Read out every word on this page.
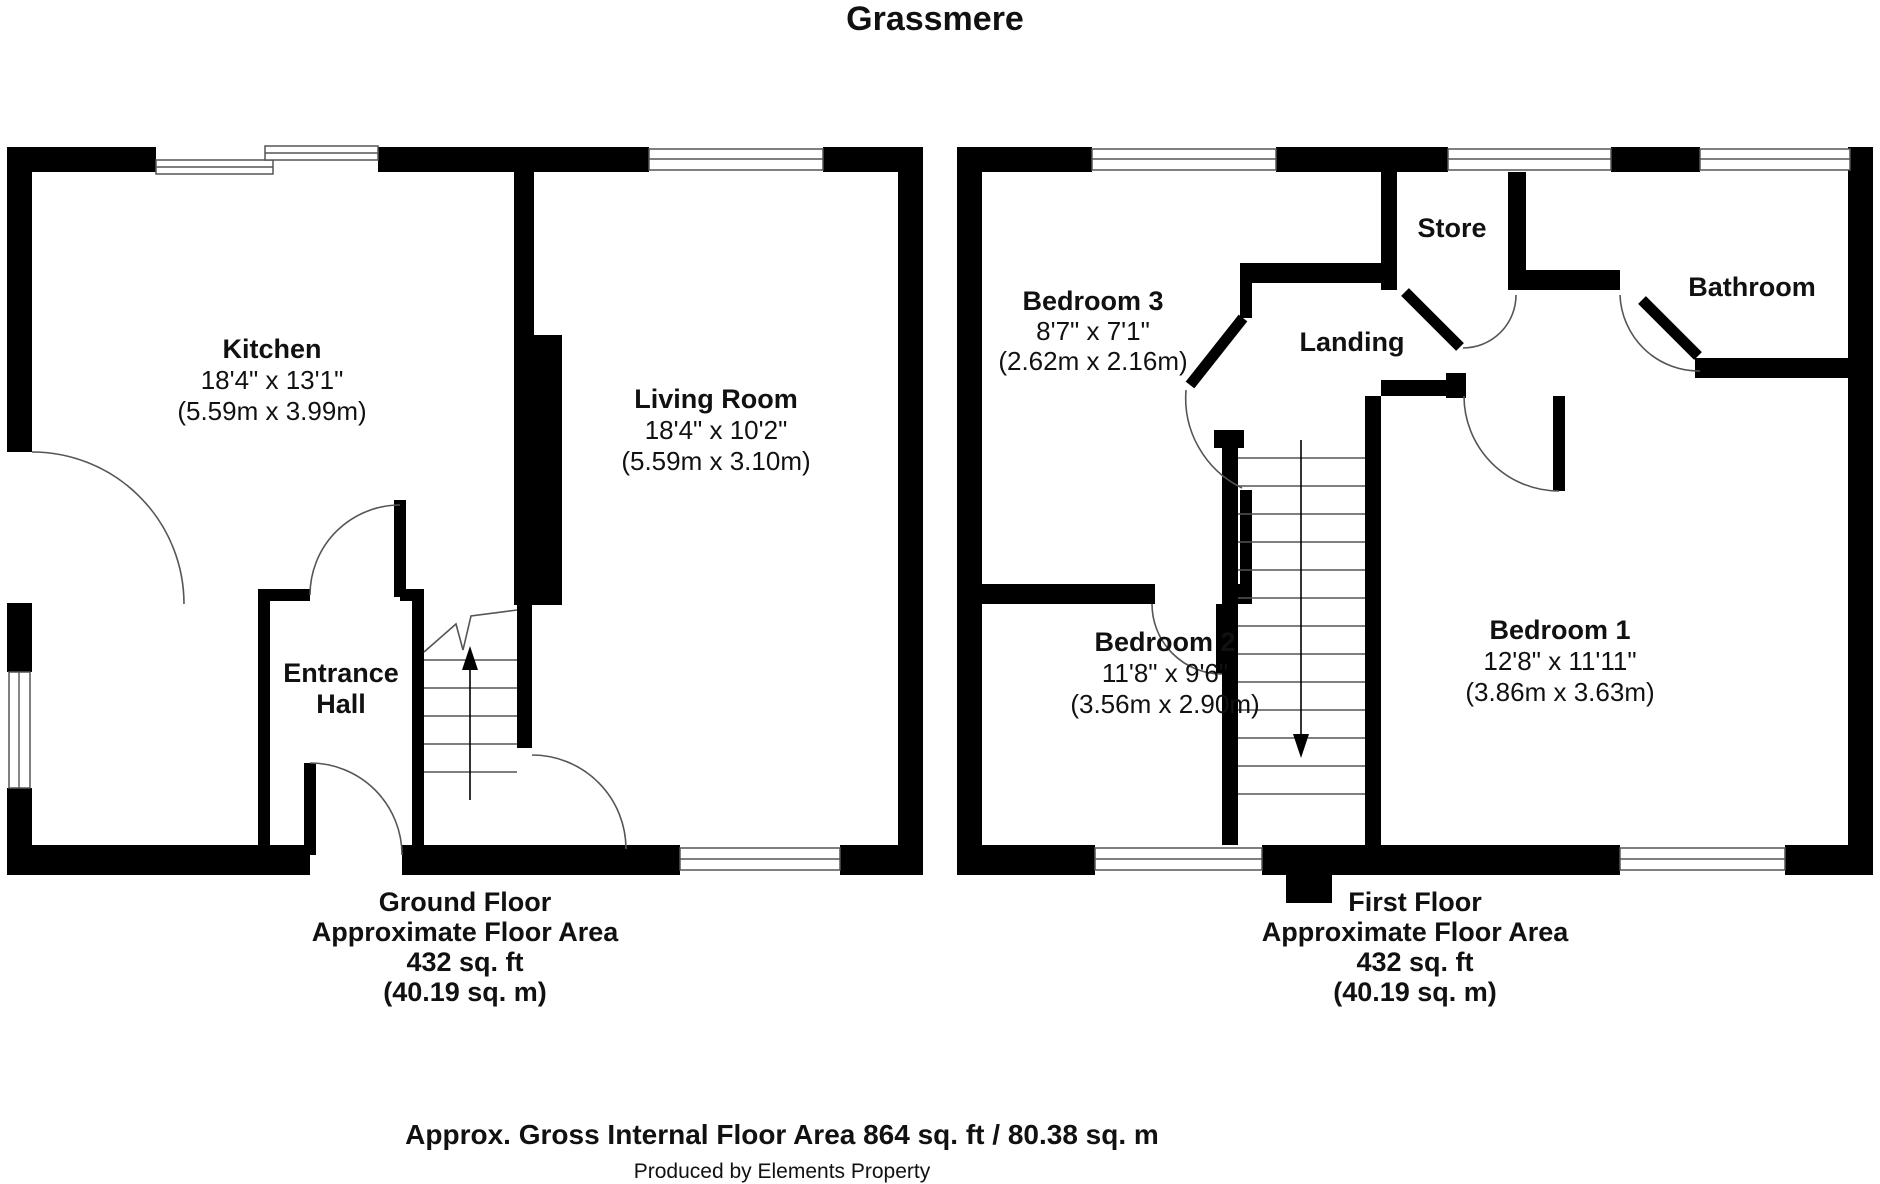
Grassmere
Kitchen
18'4" x 13'1"
(5.59m x 3.99m)	Living Room
18'4" x 10'2"
(5.59m x 3.10m)
Entrance
Hall
Ground Floor
Approximate Floor Area
432 sq. ft
(40.19 sq. m)
Bedroom 3
8'7" x 7'1"
(2.62m x 2.16m)
Store
Bathroom
Landing
Bedroom 2
11'8" x 9'6"
(3.56m x 2.90m)
Bedroom 1
12'8" x 11'11"
(3.86m x 3.63m)
First Floor
Approximate Floor Area
432 sq. ft
(40.19 sq. m)
Approx. Gross Internal Floor Area 864 sq. ft / 80.38 sq. m
Produced by Elements Property
